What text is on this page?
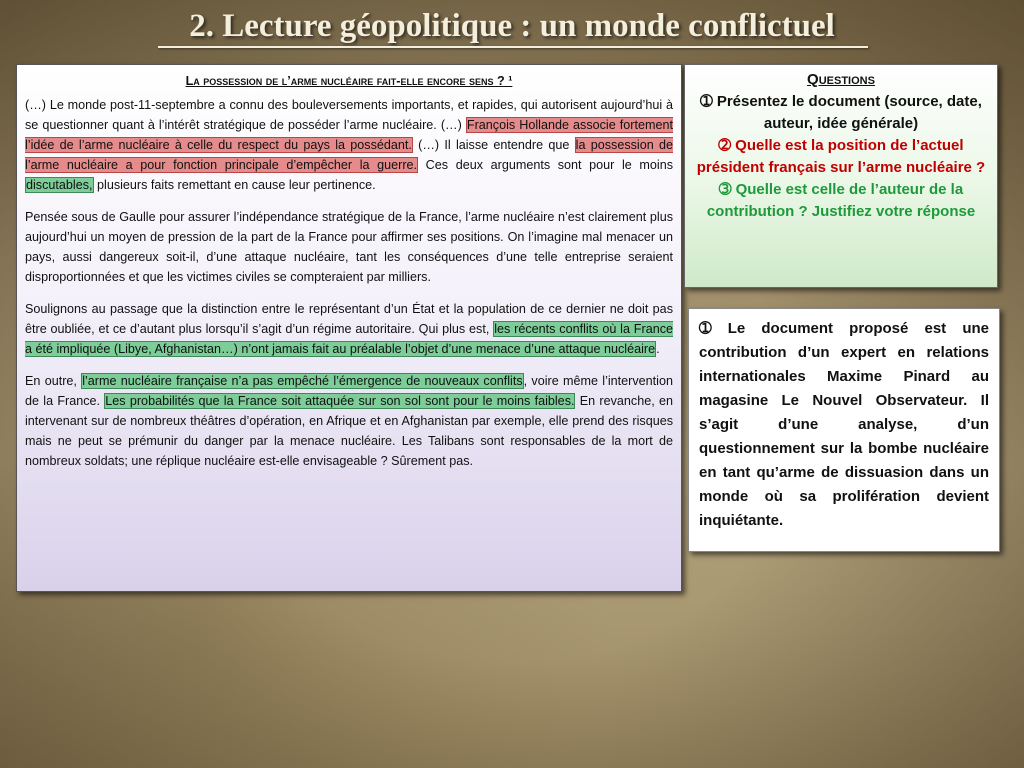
2. Lecture géopolitique : un monde conflictuel
La possession de l’arme nucléaire fait-elle encore sens ? ¹

(…) Le monde post-11-septembre a connu des bouleversements importants, et rapides, qui autorisent aujourd’hui à se questionner quant à l’intérêt stratégique de posséder l’arme nucléaire. (…) François Hollande associe fortement l’idée de l’arme nucléaire à celle du respect du pays la possédant. (…) Il laisse entendre que la possession de l’arme nucléaire a pour fonction principale d’empêcher la guerre. Ces deux arguments sont pour le moins discutables, plusieurs faits remettant en cause leur pertinence.

Pensée sous de Gaulle pour assurer l’indépendance stratégique de la France, l’arme nucléaire n’est clairement plus aujourd’hui un moyen de pression de la part de la France pour affirmer ses positions. On l’imagine mal menacer un pays, aussi dangereux soit-il, d’une attaque nucléaire, tant les conséquences d’une telle entreprise seraient disproportionnées et que les victimes civiles se compteraient par milliers.

Soulignons au passage que la distinction entre le représentant d’un État et la population de ce dernier ne doit pas être oubliée, et ce d’autant plus lorsqu’il s’agit d’un régime autoritaire. Qui plus est, les récents conflits où la France a été impliquée (Libye, Afghanistan…) n’ont jamais fait au préalable l’objet d’une menace d’une attaque nucléaire.

En outre, l’arme nucléaire française n’a pas empêché l’émergence de nouveaux conflits, voire même l’intervention de la France. Les probabilités que la France soit attaquée sur son sol sont pour le moins faibles. En revanche, en intervenant sur de nombreux théâtres d’opération, en Afrique et en Afghanistan par exemple, elle prend des risques mais ne peut se prémunir du danger par la menace nucléaire. Les Talibans sont responsables de la mort de nombreux soldats; une réplique nucléaire est-elle envisageable ? Sûrement pas.

Questions
➀ Présentez le document (source, date, auteur, idée générale)
➁ Quelle est la position de l’actuel président français sur l’arme nucléaire ?
➂ Quelle est celle de l’auteur de la contribution ? Justifiez votre réponse
➀ Le document proposé est une contribution d’un expert en relations internationales Maxime Pinard au magasine Le Nouvel Observateur. Il s’agit d’une analyse, d’un questionnement sur la bombe nucléaire en tant qu’arme de dissuasion dans un monde où sa prolifération devient inquiétante.
